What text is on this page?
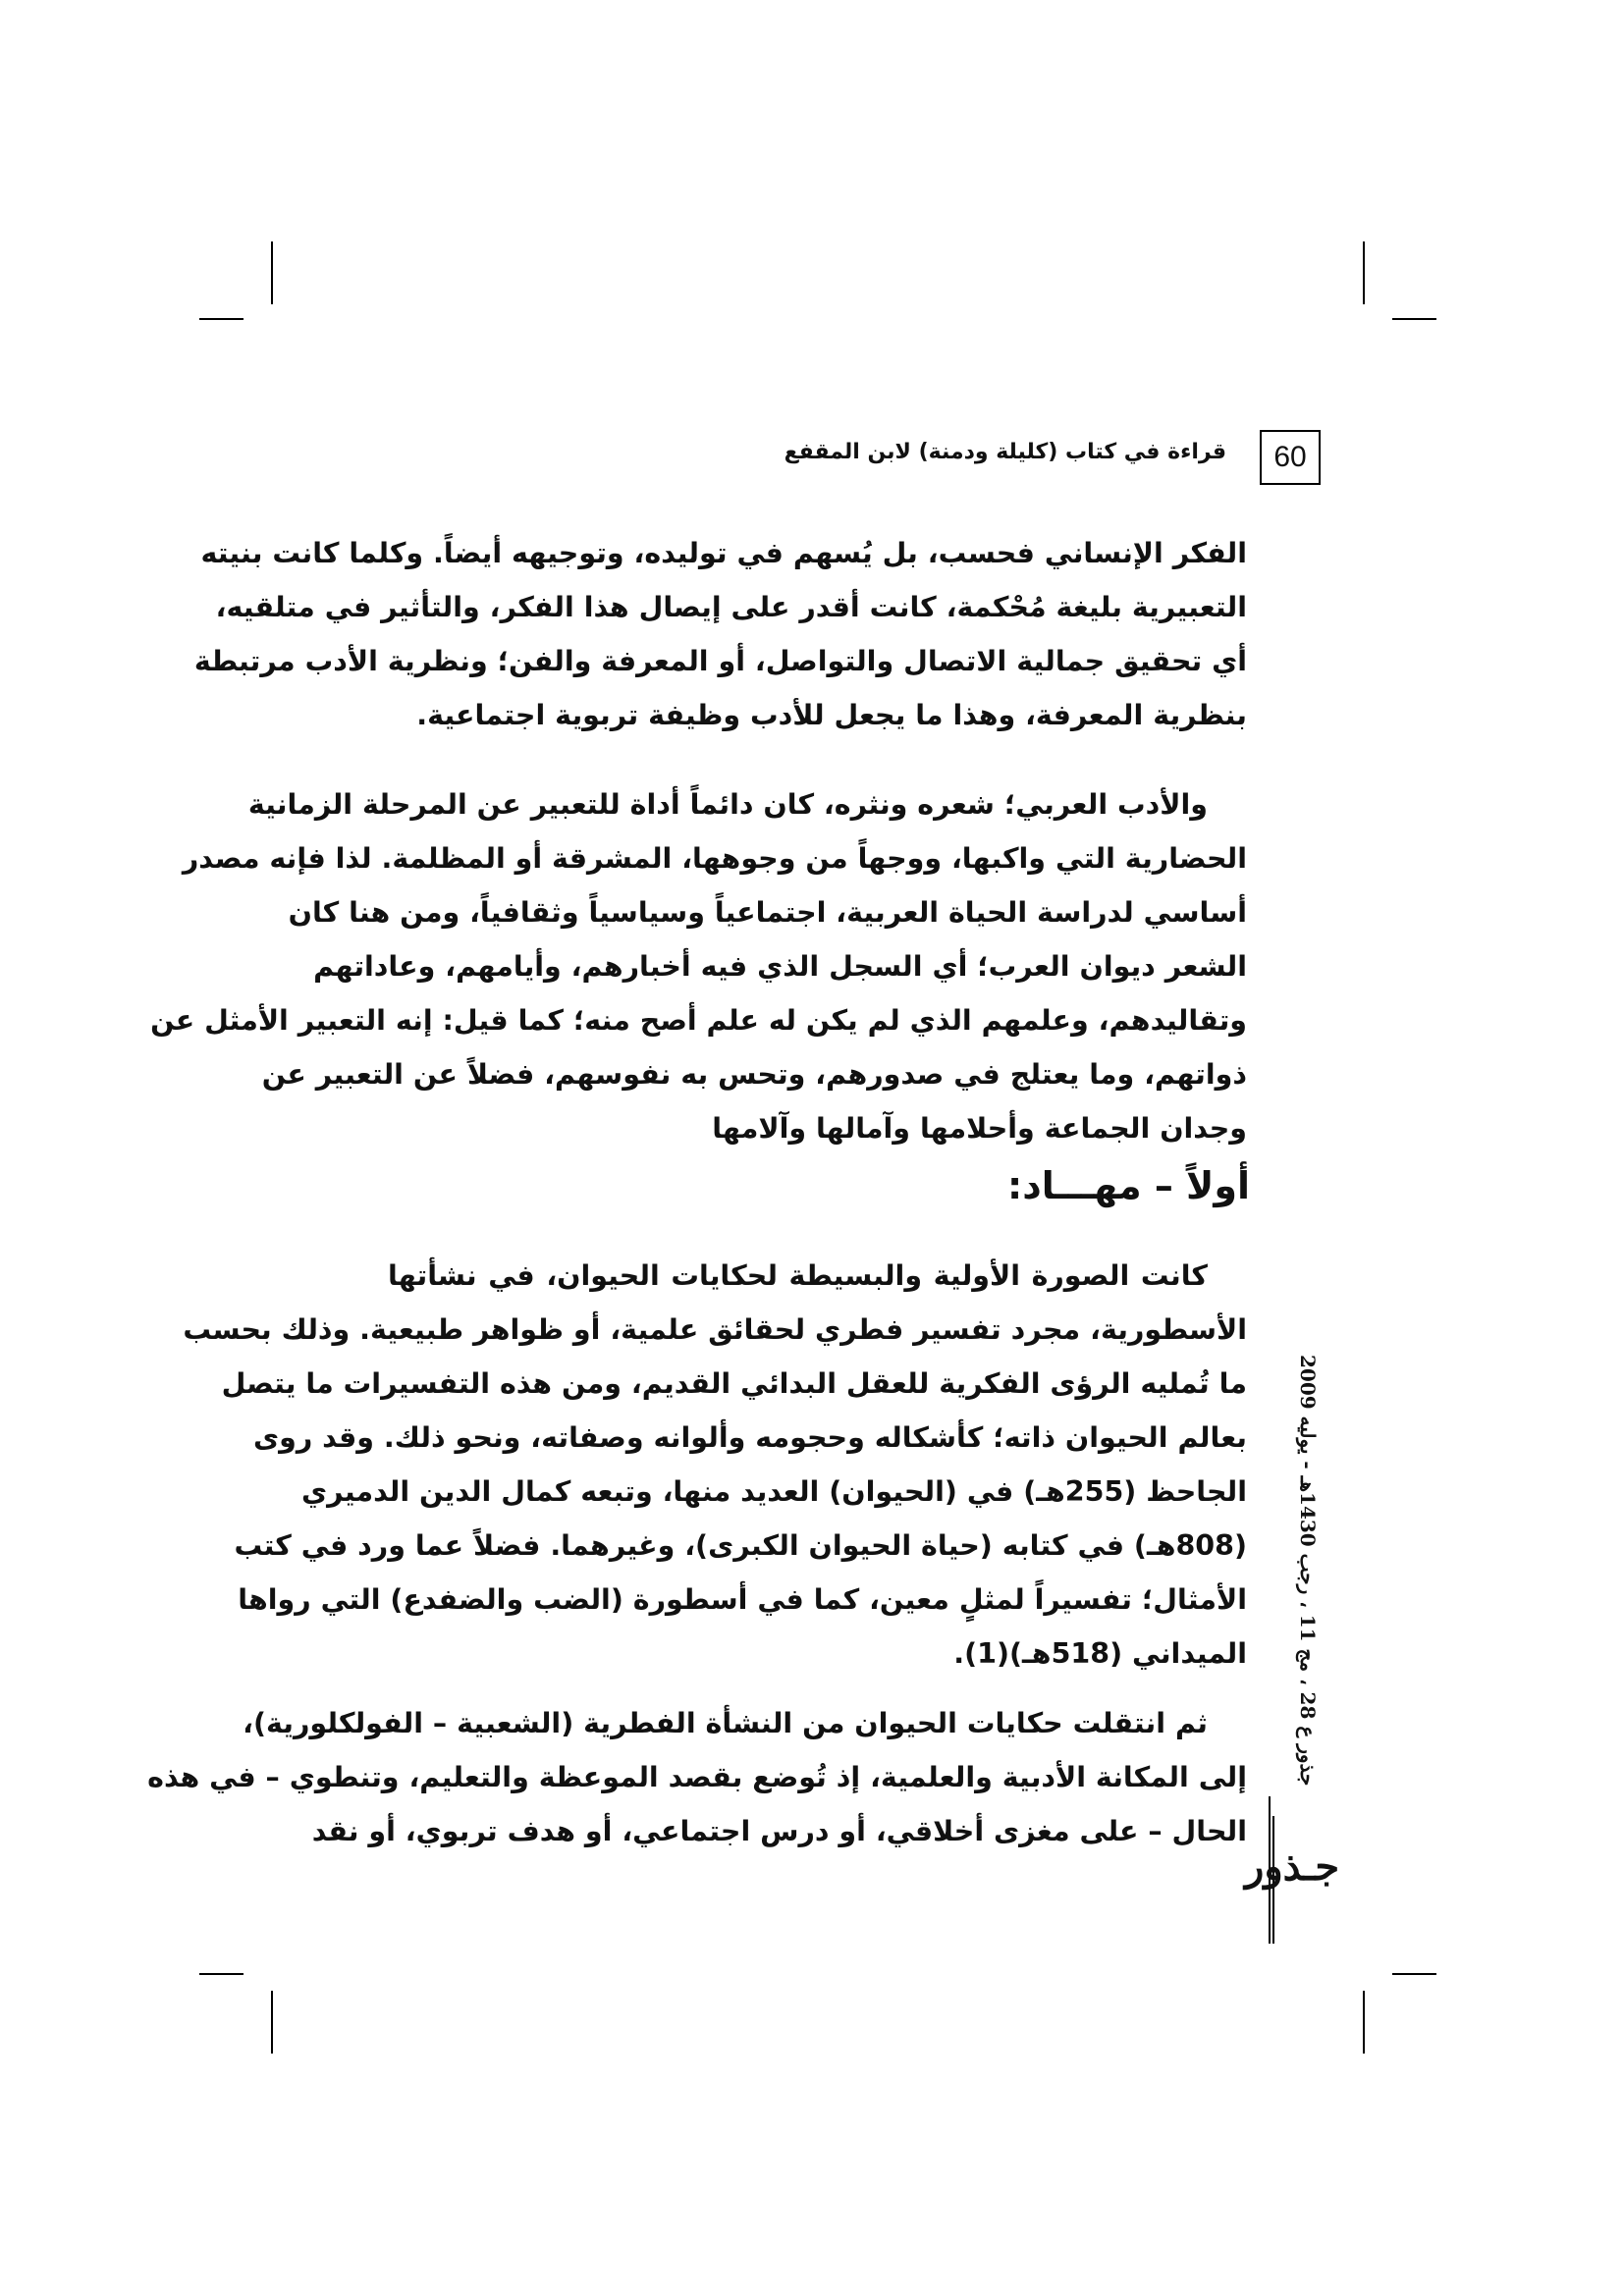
60
قراءة في كتاب (كليلة ودمنة) لابن المقفع
الفكر الإنساني فحسب، بل يُسهم في توليده، وتوجيهه أيضاً. وكلما كانت بنيته
التعبيرية بليغة مُحْكمة، كانت أقدر على إيصال هذا الفكر، والتأثير في متلقيه،
أي تحقيق جمالية الاتصال والتواصل، أو المعرفة والفن؛ ونظرية الأدب مرتبطة
بنظرية المعرفة، وهذا ما يجعل للأدب وظيفة تربوية اجتماعية.
والأدب العربي؛ شعره ونثره، كان دائماً أداة للتعبير عن المرحلة الزمانية
الحضارية التي واكبها، ووجهاً من وجوهها، المشرقة أو المظلمة. لذا فإنه مصدر
أساسي لدراسة الحياة العربية، اجتماعياً وسياسياً وثقافياً، ومن هنا كان
الشعر ديوان العرب؛ أي السجل الذي فيه أخبارهم، وأيامهم، وعاداتهم
وتقاليدهم، وعلمهم الذي لم يكن له علم أصح منه؛ كما قيل: إنه التعبير الأمثل عن
ذواتهم، وما يعتلج في صدورهم، وتحس به نفوسهم، فضلاً عن التعبير عن
وجدان الجماعة وأحلامها وآمالها وآلامها
أولاً – مهـــاد:
كانت الصورة الأولية والبسيطة لحكايات الحيوان، في نشأتها
الأسطورية، مجرد تفسير فطري لحقائق علمية، أو ظواهر طبيعية. وذلك بحسب
ما تُمليه الرؤى الفكرية للعقل البدائي القديم، ومن هذه التفسيرات ما يتصل
بعالم الحيوان ذاته؛ كأشكاله وحجومه وألوانه وصفاته، ونحو ذلك. وقد روى
الجاحظ (255هـ) في (الحيوان) العديد منها، وتبعه كمال الدين الدميري
(808هـ) في كتابه (حياة الحيوان الكبرى)، وغيرهما. فضلاً عما ورد في كتب
الأمثال؛ تفسيراً لمثلٍ معين، كما في أسطورة (الضب والضفدع) التي رواها
الميداني (518هـ)(1).
ثم انتقلت حكايات الحيوان من النشأة الفطرية (الشعبية – الفولكلورية)،
إلى المكانة الأدبية والعلمية، إذ تُوضع بقصد الموعظة والتعليم، وتنطوي – في هذه
الحال – على مغزى أخلاقي، أو درس اجتماعي، أو هدف تربوي، أو نقد
جذور ع 28 ، مج 11 ، رجب 1430هـ - يوليه 2009
جـذور
